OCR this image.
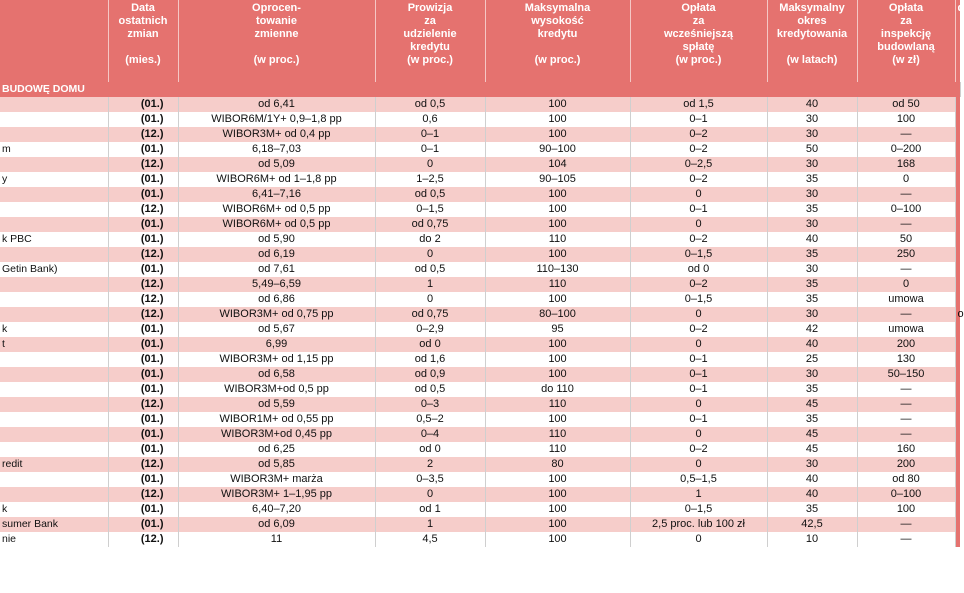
	Data
ostatnich
zmian

(mies.)	Oprocen-
towanie
zmienne

(w proc.)	Prowizja
za
udzielenie
kredytu
(w proc.)	Maksymalna
wysokość
kredytu

(w proc.)	Opłata
za
wcześniejszą
spłatę
(w proc.)	Maksymalny
okres
kredytowania

(w latach)	Opłata
za
inspekcję
budowlaną
(w zł)	d
BUDOWĘ DOMU								
	(01.)	od 6,41	od 0,5	100	od 1,5	40	od 50	
	(01.)	WIBOR6M/1Y+ 0,9–1,8 pp	0,6	100	0–1	30	100	
	(12.)	WIBOR3M+ od 0,4 pp	0–1	100	0–2	30	—	
m	(01.)	6,18–7,03	0–1	90–100	0–2	50	0–200	
	(12.)	od 5,09	0	104	0–2,5	30	168	
y	(01.)	WIBOR6M+ od 1–1,8 pp	1–2,5	90–105	0–2	35	0	
	(01.)	6,41–7,16	od 0,5	100	0	30	—	
	(12.)	WIBOR6M+ od 0,5 pp	0–1,5	100	0–1	35	0–100	
	(01.)	WIBOR6M+ od 0,5 pp	od 0,75	100	0	30	—	
k PBC	(01.)	od 5,90	do 2	110	0–2	40	50	
	(12.)	od 6,19	0	100	0–1,5	35	250	
Getin Bank)	(01.)	od 7,61	od 0,5	110–130	od 0	30	—	
	(12.)	5,49–6,59	1	110	0–2	35	0	
	(12.)	od 6,86	0	100	0–1,5	35	umowa	
	(12.)	WIBOR3M+ od 0,75 pp	od 0,75	80–100	0	30	—	o
k	(01.)	od 5,67	0–2,9	95	0–2	42	umowa	
t	(01.)	6,99	od 0	100	0	40	200	
	(01.)	WIBOR3M+ od 1,15 pp	od 1,6	100	0–1	25	130	
	(01.)	od 6,58	od 0,9	100	0–1	30	50–150	
	(01.)	WIBOR3M+od 0,5 pp	od 0,5	do 110	0–1	35	—	
	(12.)	od 5,59	0–3	110	0	45	—	
	(01.)	WIBOR1M+ od 0,55 pp	0,5–2	100	0–1	35	—	
	(01.)	WIBOR3M+od 0,45 pp	0–4	110	0	45	—	
	(01.)	od 6,25	od 0	110	0–2	45	160	
redit	(12.)	od 5,85	2	80	0	30	200	
	(01.)	WIBOR3M+ marża	0–3,5	100	0,5–1,5	40	od 80	
	(12.)	WIBOR3M+ 1–1,95 pp	0	100	1	40	0–100	
k	(01.)	6,40–7,20	od 1	100	0–1,5	35	100	
sumer Bank	(01.)	od 6,09	1	100	2,5 proc. lub 100 zł	42,5	—	
nie	(12.)	11	4,5	100	0	10	—	
